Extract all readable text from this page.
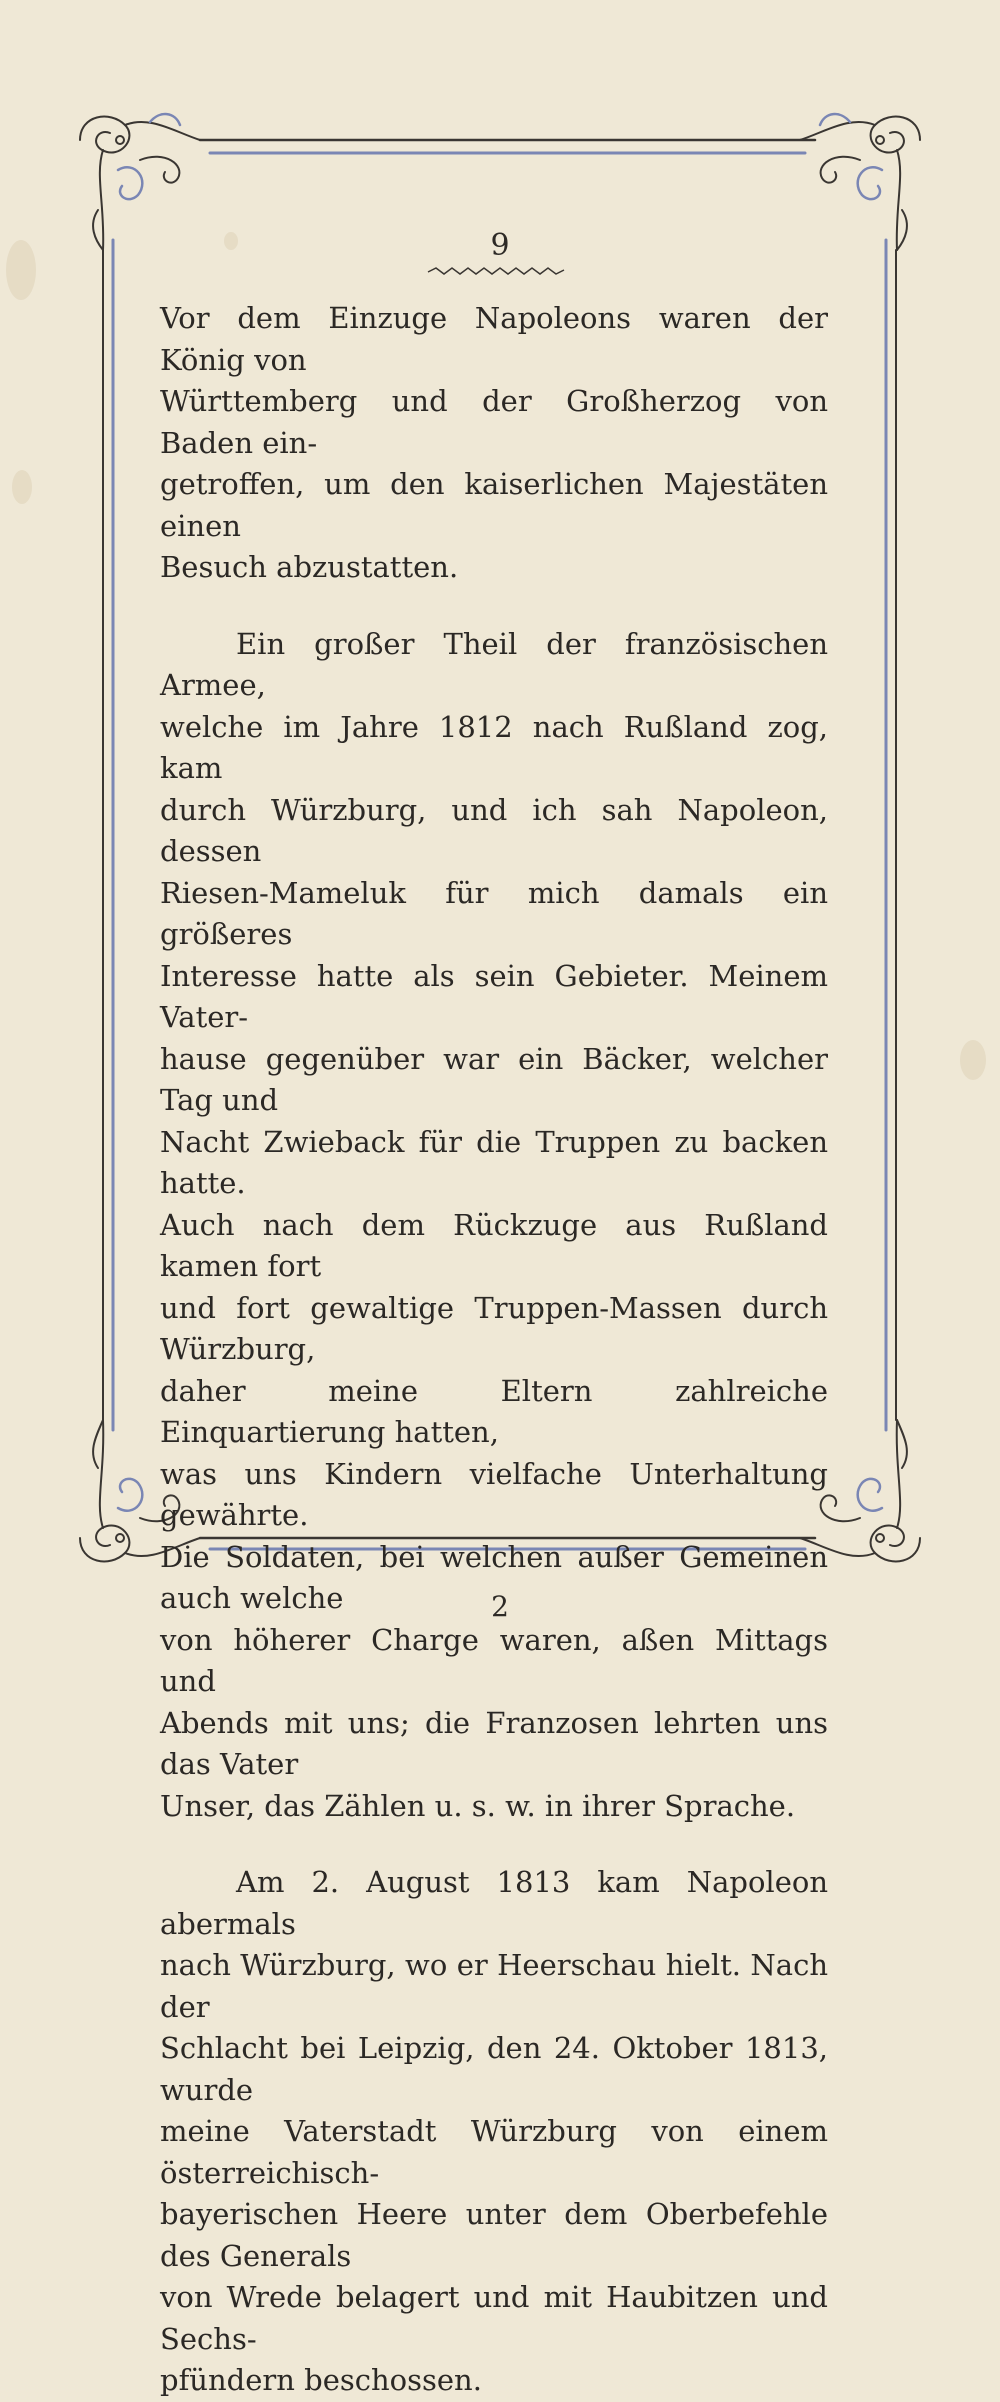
9

Vor dem Einzuge Napoleons waren der König von

Württemberg und der Großherzog von Baden ein-

getroffen, um den kaiserlichen Majestäten einen

Besuch abzustatten.

Ein großer Theil der französischen Armee,

welche im Jahre 1812 nach Rußland zog, kam

durch Würzburg, und ich sah Napoleon, dessen

Riesen-Mameluk für mich damals ein größeres

Interesse hatte als sein Gebieter. Meinem Vater-

hause gegenüber war ein Bäcker, welcher Tag und

Nacht Zwieback für die Truppen zu backen hatte.

Auch nach dem Rückzuge aus Rußland kamen fort

und fort gewaltige Truppen-Massen durch Würzburg,

daher meine Eltern zahlreiche Einquartierung hatten,

was uns Kindern vielfache Unterhaltung gewährte.

Die Soldaten, bei welchen außer Gemeinen auch welche

von höherer Charge waren, aßen Mittags und

Abends mit uns; die Franzosen lehrten uns das Vater

Unser, das Zählen u. s. w. in ihrer Sprache.

Am 2. August 1813 kam Napoleon abermals

nach Würzburg, wo er Heerschau hielt. Nach der

Schlacht bei Leipzig, den 24. Oktober 1813, wurde

meine Vaterstadt Würzburg von einem österreichisch-

bayerischen Heere unter dem Oberbefehle des Generals

von Wrede belagert und mit Haubitzen und Sechs-

pfündern beschossen.

2
